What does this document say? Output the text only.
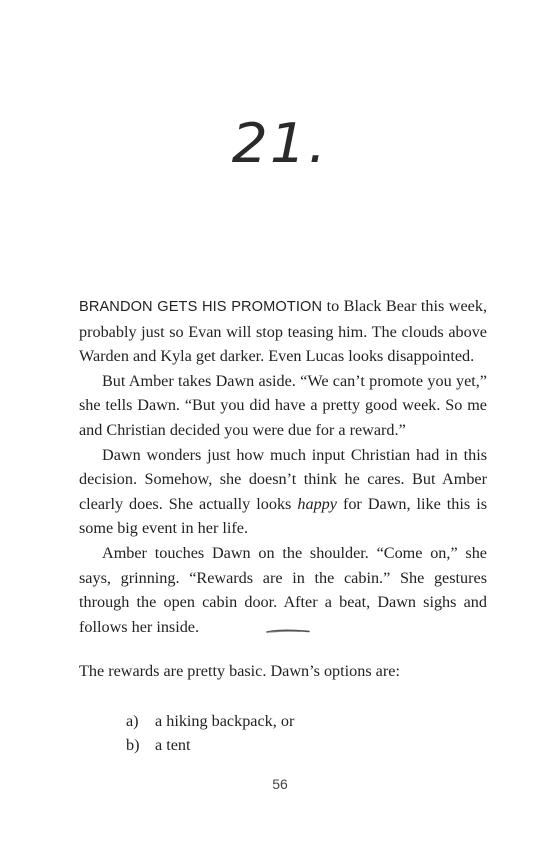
21.

BRANDON GETS HIS PROMOTION to Black Bear this week, probably just so Evan will stop teasing him. The clouds above Warden and Kyla get darker. Even Lucas looks disappointed.

But Amber takes Dawn aside. “We can’t promote you yet,” she tells Dawn. “But you did have a pretty good week. So me and Christian decided you were due for a reward.”

Dawn wonders just how much input Christian had in this decision. Somehow, she doesn’t think he cares. But Amber clearly does. She actually looks happy for Dawn, like this is some big event in her life.

Amber touches Dawn on the shoulder. “Come on,” she says, grinning. “Rewards are in the cabin.” She gestures through the open cabin door. After a beat, Dawn sighs and follows her inside.

The rewards are pretty basic. Dawn’s options are:

a) a hiking backpack, or
b) a tent
56
